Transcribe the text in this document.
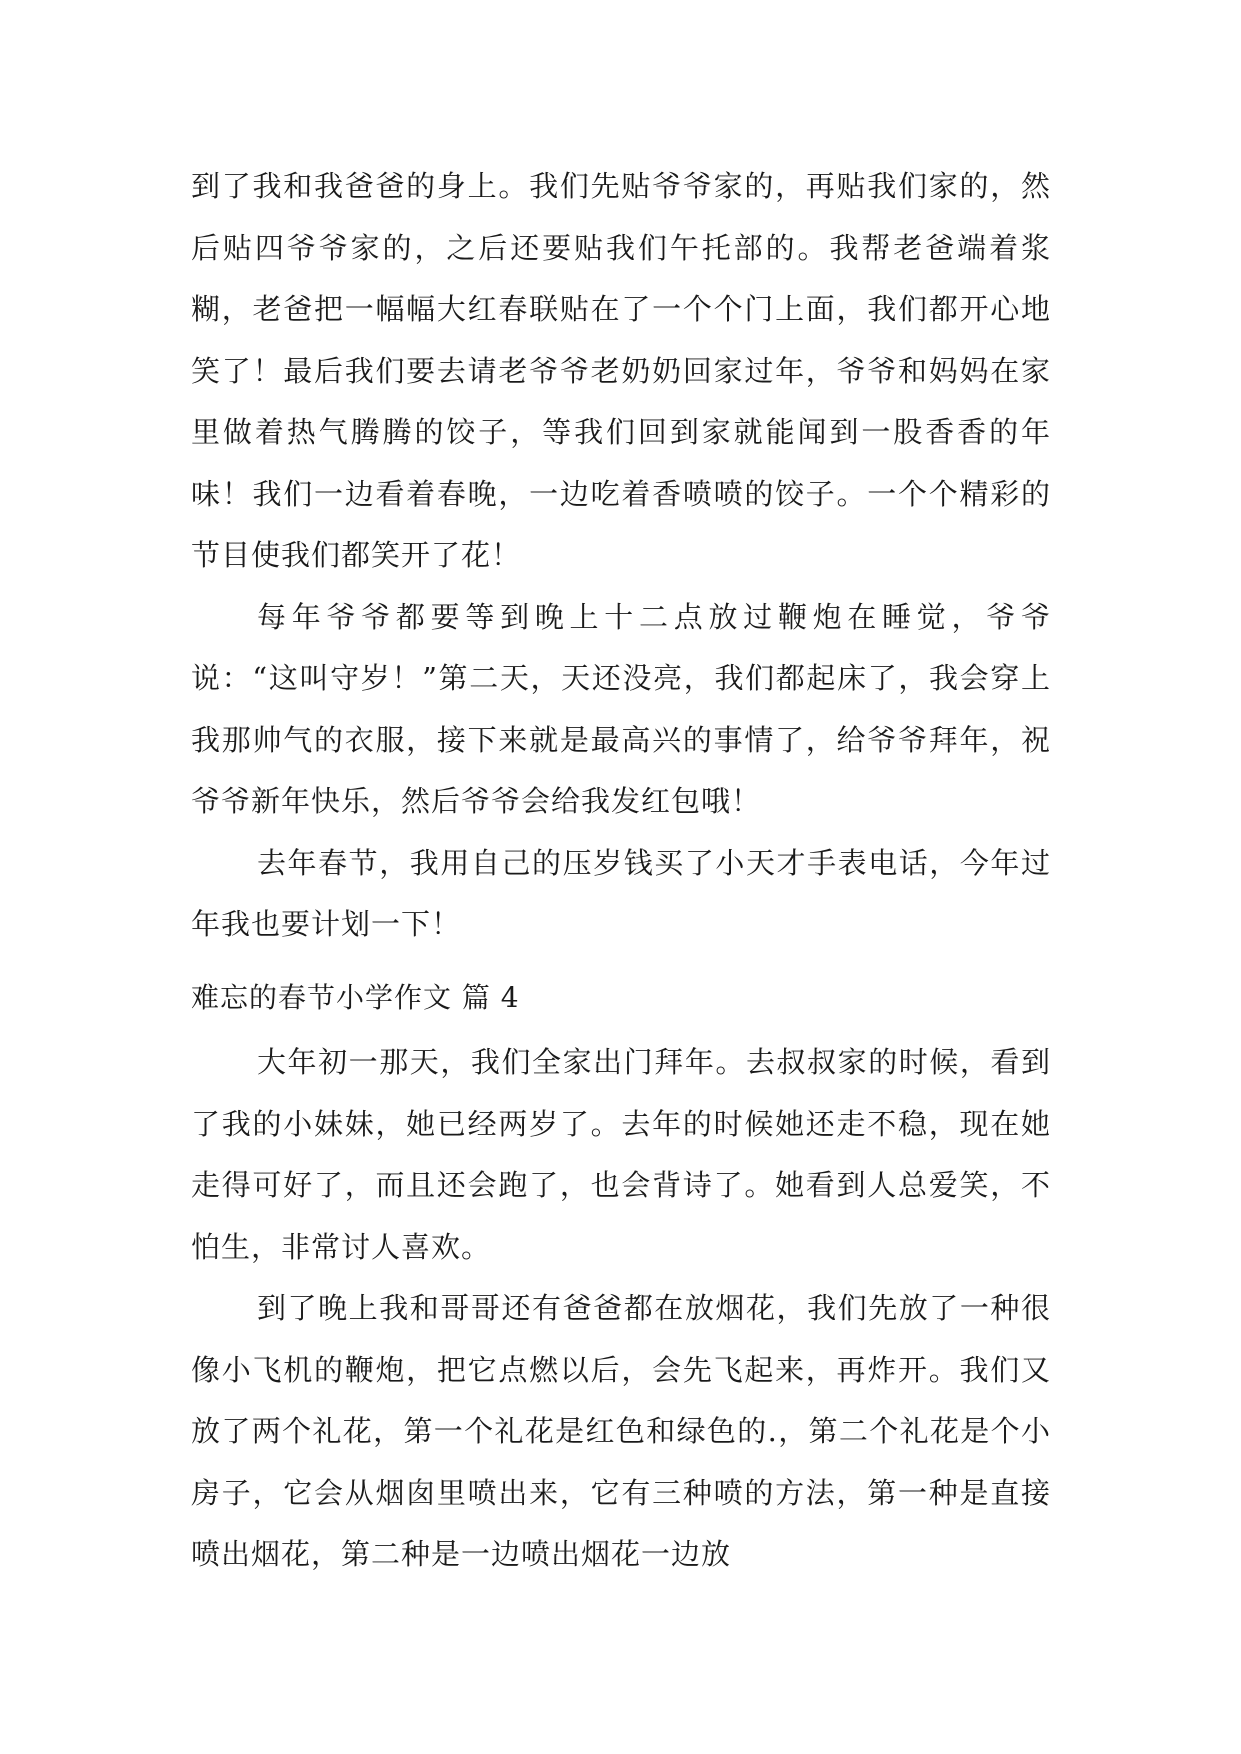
到了我和我爸爸的身上。我们先贴爷爷家的，再贴我们家的，然后贴四爷爷家的，之后还要贴我们午托部的。我帮老爸端着浆糊，老爸把一幅幅大红春联贴在了一个个门上面，我们都开心地笑了！最后我们要去请老爷爷老奶奶回家过年，爷爷和妈妈在家里做着热气腾腾的饺子，等我们回到家就能闻到一股香香的年味！我们一边看着春晚，一边吃着香喷喷的饺子。一个个精彩的节目使我们都笑开了花！

每年爷爷都要等到晚上十二点放过鞭炮在睡觉，爷爷说：“这叫守岁！”第二天，天还没亮，我们都起床了，我会穿上我那帅气的衣服，接下来就是最高兴的事情了，给爷爷拜年，祝爷爷新年快乐，然后爷爷会给我发红包哦！

去年春节，我用自己的压岁钱买了小天才手表电话，今年过年我也要计划一下！

难忘的春节小学作文 篇 4

大年初一那天，我们全家出门拜年。去叔叔家的时候，看到了我的小妹妹，她已经两岁了。去年的时候她还走不稳，现在她走得可好了，而且还会跑了，也会背诗了。她看到人总爱笑，不怕生，非常讨人喜欢。

到了晚上我和哥哥还有爸爸都在放烟花，我们先放了一种很像小飞机的鞭炮，把它点燃以后，会先飞起来，再炸开。我们又放了两个礼花，第一个礼花是红色和绿色的.，第二个礼花是个小房子，它会从烟囱里喷出来，它有三种喷的方法，第一种是直接喷出烟花，第二种是一边喷出烟花一边放
